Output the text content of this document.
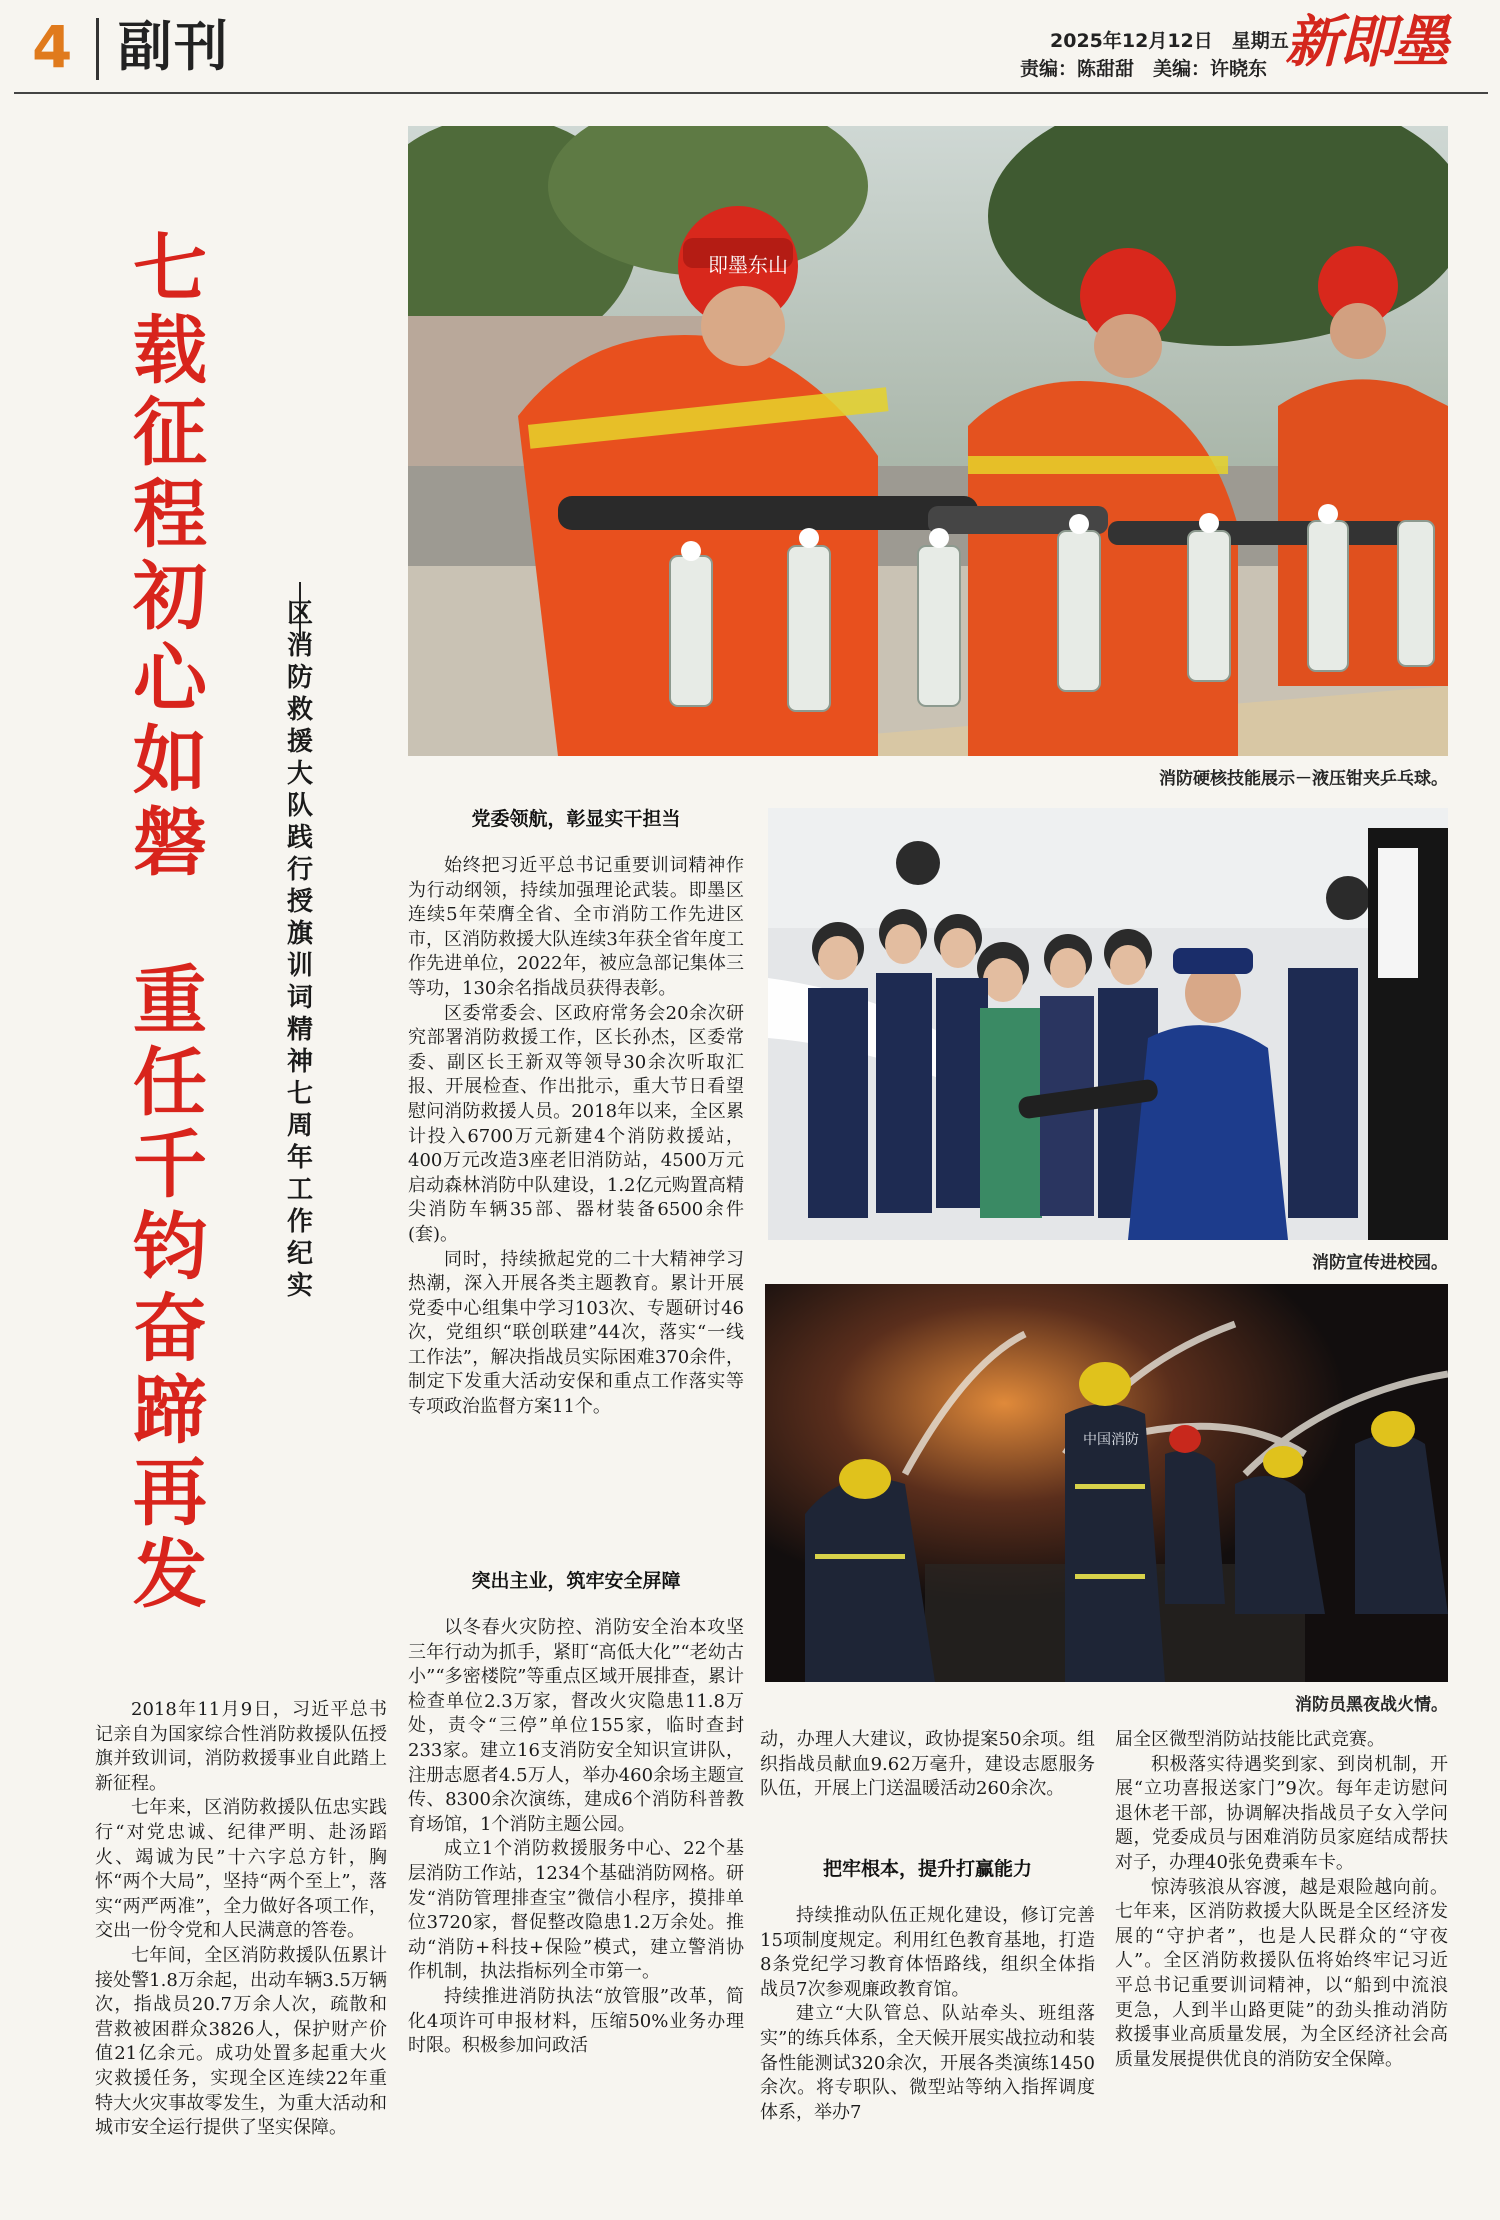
4 副刊	2025年12月12日　星期五
责编：陈甜甜　美编：许晓东 新即墨
七载征程初心如磐
重任千钧奋蹄再发
区消防救援大队践行授旗训词精神七周年工作纪实
即墨东山
消防硬核技能展示－液压钳夹乒乓球。
消防宣传进校园。
中国消防
消防员黑夜战火情。

2018年11月9日，习近平总书记亲自为国家综合性消防救援队伍授旗并致训词，消防救援事业自此踏上新征程。

七年来，区消防救援队伍忠实践行“对党忠诚、纪律严明、赴汤蹈火、竭诚为民”十六字总方针，胸怀“两个大局”，坚持“两个至上”，落实“两严两准”，全力做好各项工作，交出一份令党和人民满意的答卷。

七年间，全区消防救援队伍累计接处警1.8万余起，出动车辆3.5万辆次，指战员20.7万余人次，疏散和营救被困群众3826人，保护财产价值21亿余元。成功处置多起重大火灾救援任务，实现全区连续22年重特大火灾事故零发生，为重大活动和城市安全运行提供了坚实保障。

党委领航，彰显实干担当

始终把习近平总书记重要训词精神作为行动纲领，持续加强理论武装。即墨区连续5年荣膺全省、全市消防工作先进区市，区消防救援大队连续3年获全省年度工作先进单位，2022年，被应急部记集体三等功，130余名指战员获得表彰。

区委常委会、区政府常务会20余次研究部署消防救援工作，区长孙杰，区委常委、副区长王新双等领导30余次听取汇报、开展检查、作出批示，重大节日看望慰问消防救援人员。2018年以来，全区累计投入6700万元新建4个消防救援站，400万元改造3座老旧消防站，4500万元启动森林消防中队建设，1.2亿元购置高精尖消防车辆35部、器材装备6500余件(套)。

同时，持续掀起党的二十大精神学习热潮，深入开展各类主题教育。累计开展党委中心组集中学习103次、专题研讨46次，党组织“联创联建”44次，落实“一线工作法”，解决指战员实际困难370余件，制定下发重大活动安保和重点工作落实等专项政治监督方案11个。

突出主业，筑牢安全屏障

以冬春火灾防控、消防安全治本攻坚三年行动为抓手，紧盯“高低大化”“老幼古小”“多密楼院”等重点区域开展排查，累计检查单位2.3万家，督改火灾隐患11.8万处，责令“三停”单位155家，临时查封233家。建立16支消防安全知识宣讲队，注册志愿者4.5万人，举办460余场主题宣传、8300余次演练，建成6个消防科普教育场馆，1个消防主题公园。

成立1个消防救援服务中心、22个基层消防工作站，1234个基础消防网格。研发“消防管理排查宝”微信小程序，摸排单位3720家，督促整改隐患1.2万余处。推动“消防+科技+保险”模式，建立警消协作机制，执法指标列全市第一。

持续推进消防执法“放管服”改革，简化4项许可申报材料，压缩50%业务办理时限。积极参加问政活

动，办理人大建议，政协提案50余项。组织指战员献血9.62万毫升，建设志愿服务队伍，开展上门送温暖活动260余次。

把牢根本，提升打赢能力

持续推动队伍正规化建设，修订完善15项制度规定。利用红色教育基地，打造8条党纪学习教育体悟路线，组织全体指战员7次参观廉政教育馆。

建立“大队管总、队站牵头、班组落实”的练兵体系，全天候开展实战拉动和装备性能测试320余次，开展各类演练1450余次。将专职队、微型站等纳入指挥调度体系，举办7

届全区微型消防站技能比武竞赛。

积极落实待遇奖到家、到岗机制，开展“立功喜报送家门”9次。每年走访慰问退休老干部，协调解决指战员子女入学问题，党委成员与困难消防员家庭结成帮扶对子，办理40张免费乘车卡。

惊涛骇浪从容渡，越是艰险越向前。七年来，区消防救援大队既是全区经济发展的“守护者”，也是人民群众的“守夜人”。全区消防救援队伍将始终牢记习近平总书记重要训词精神，以“船到中流浪更急，人到半山路更陡”的劲头推动消防救援事业高质量发展，为全区经济社会高质量发展提供优良的消防安全保障。
